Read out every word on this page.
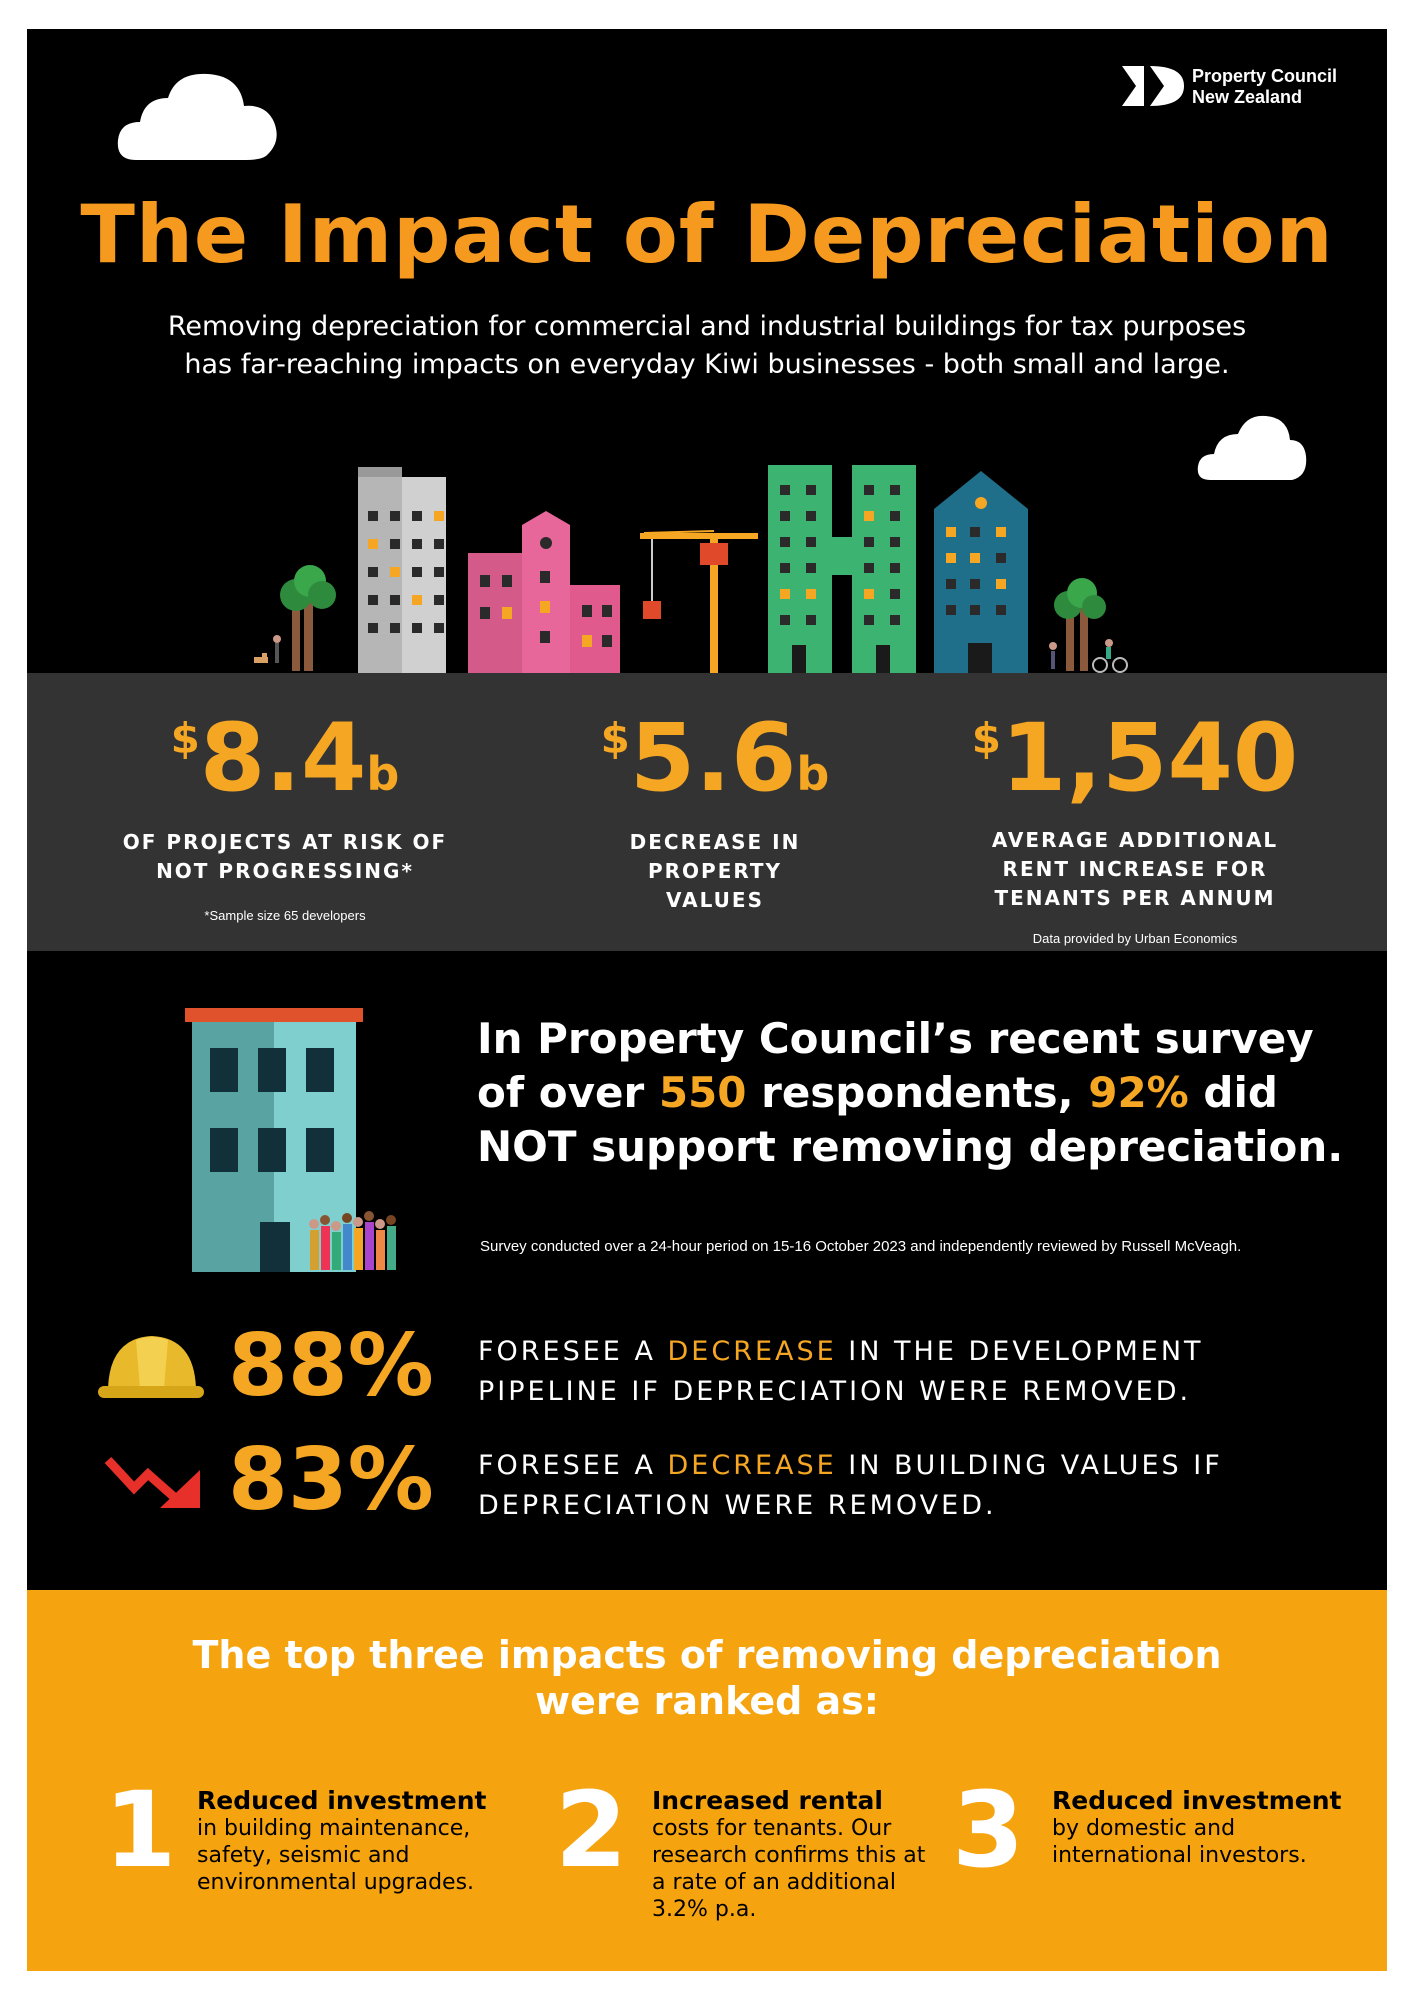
Property Council
New Zealand
The Impact of Depreciation
Removing depreciation for commercial and industrial buildings for tax purposes has far-reaching impacts on everyday Kiwi businesses - both small and large.
$8.4b
OF PROJECTS AT RISK OF NOT PROGRESSING*
*Sample size 65 developers
$5.6b
DECREASE IN PROPERTY VALUES
$1,540
AVERAGE ADDITIONAL RENT INCREASE FOR TENANTS PER ANNUM
Data provided by Urban Economics
In Property Council’s recent survey of over 550 respondents, 92% did NOT support removing depreciation.
Survey conducted over a 24-hour period on 15-16 October 2023 and independently reviewed by Russell McVeagh.
88% FORESEE A DECREASE IN THE DEVELOPMENT PIPELINE IF DEPRECIATION WERE REMOVED.
83% FORESEE A DECREASE IN BUILDING VALUES IF DEPRECIATION WERE REMOVED.
The top three impacts of removing depreciation
were ranked as:
1 Reduced investment
in building maintenance, safety, seismic and environmental upgrades. 2 Increased rental
costs for tenants. Our research confirms this at a rate of an additional 3.2% p.a.
3 Reduced investment
by domestic and international investors.
